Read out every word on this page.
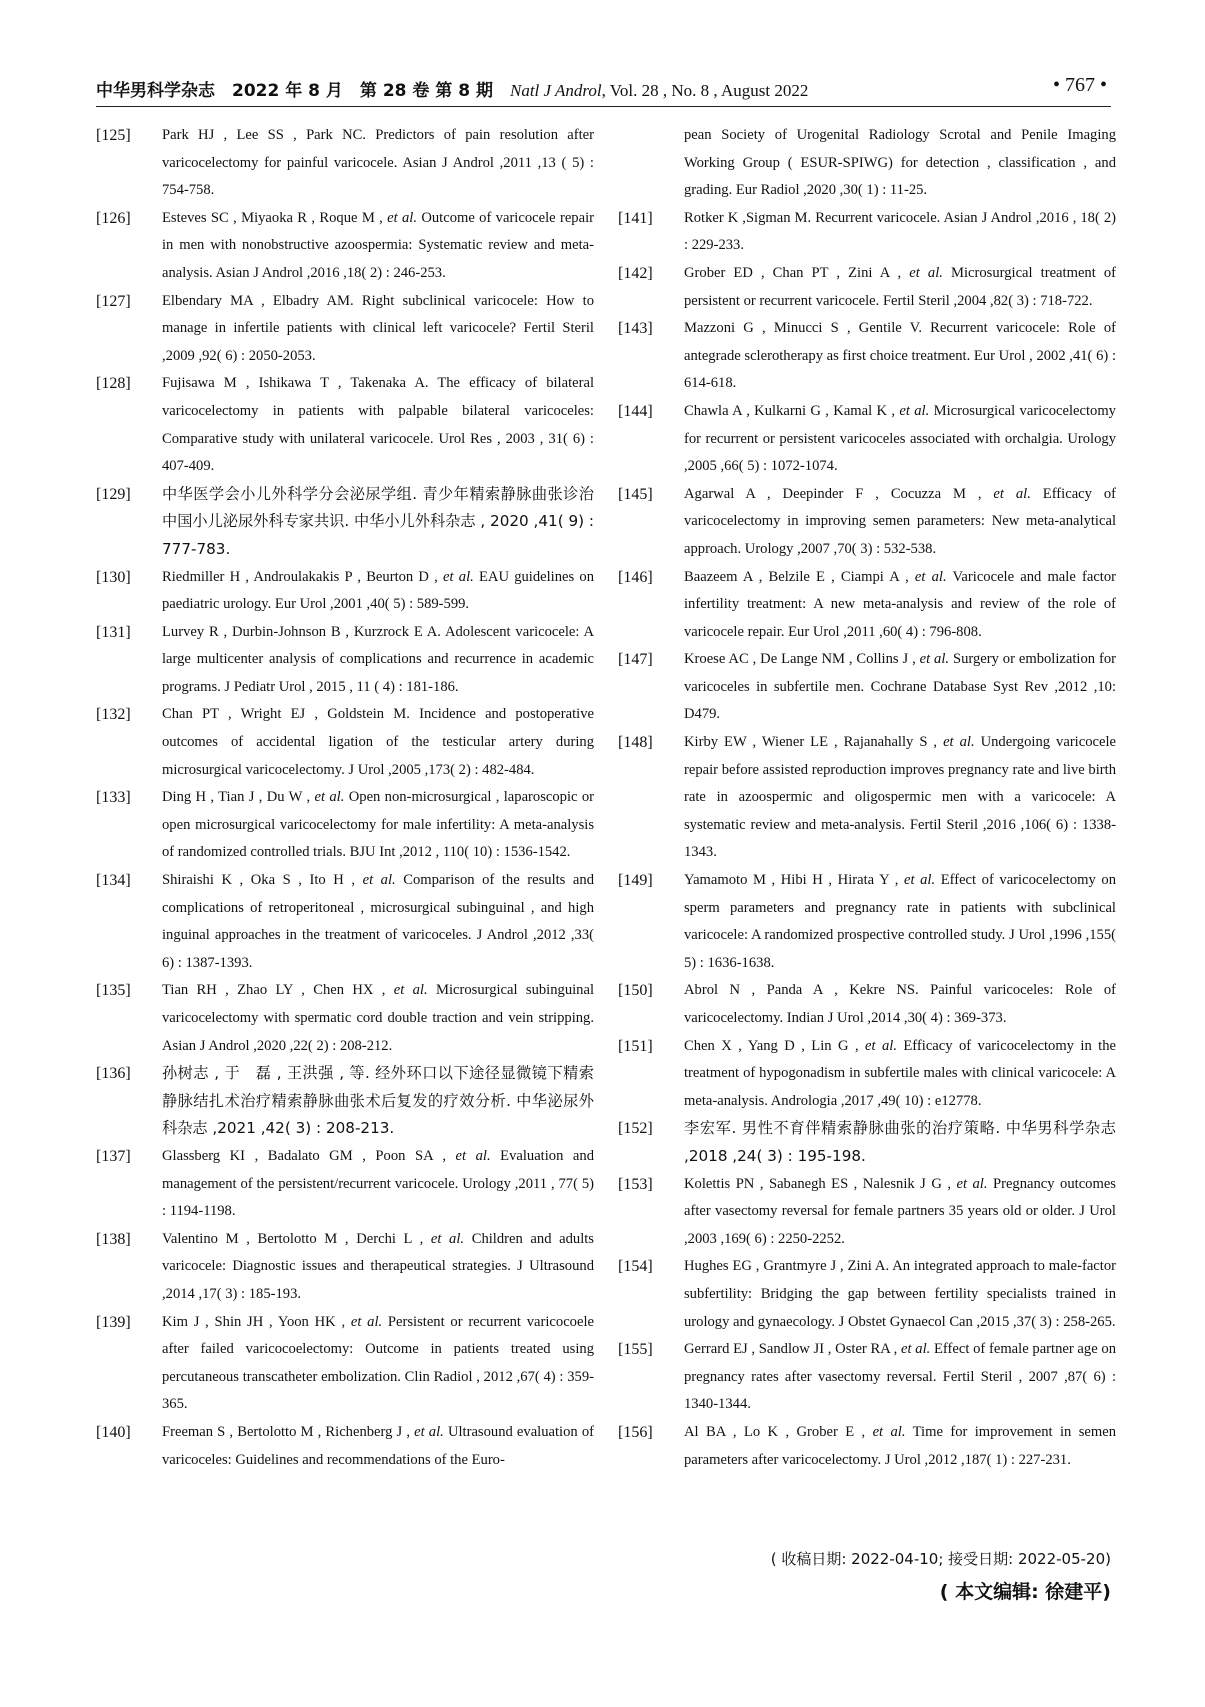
中华男科学杂志　 2022 年 8 月　第 28 卷 第 8 期　 Natl J Androl, Vol. 28 , No. 8 , August 2022	• 767 •
[125] Park HJ , Lee SS , Park NC. Predictors of pain resolution after varicocelectomy for painful varicocele. Asian J Androl ,2011 ,13 ( 5) : 754-758.
[126] Esteves SC , Miyaoka R , Roque M , et al. Outcome of varicocele repair in men with nonobstructive azoospermia: Systematic review and meta-analysis. Asian J Androl ,2016 ,18( 2) : 246-253.
[127] Elbendary MA , Elbadry AM. Right subclinical varicocele: How to manage in infertile patients with clinical left varicocele? Fertil Steril ,2009 ,92( 6) : 2050-2053.
[128] Fujisawa M , Ishikawa T , Takenaka A. The efficacy of bilateral varicocelectomy in patients with palpable bilateral varicoceles: Comparative study with unilateral varicocele. Urol Res , 2003 , 31( 6) : 407-409.
[129] 中华医学会小儿外科学分会泌尿学组. 青少年精索静脉曲张诊治中国小儿泌尿外科专家共识. 中华小儿外科杂志 , 2020 ,41( 9) : 777-783.
[130] Riedmiller H , Androulakakis P , Beurton D , et al. EAU guidelines on paediatric urology. Eur Urol ,2001 ,40( 5) : 589-599.
[131] Lurvey R , Durbin-Johnson B , Kurzrock E A. Adolescent varicocele: A large multicenter analysis of complications and recurrence in academic programs. J Pediatr Urol , 2015 , 11 ( 4) : 181-186.
[132] Chan PT , Wright EJ , Goldstein M. Incidence and postoperative outcomes of accidental ligation of the testicular artery during microsurgical varicocelectomy. J Urol ,2005 ,173( 2) : 482-484.
[133] Ding H , Tian J , Du W , et al. Open non-microsurgical , laparoscopic or open microsurgical varicocelectomy for male infertility: A meta-analysis of randomized controlled trials. BJU Int ,2012 , 110( 10) : 1536-1542.
[134] Shiraishi K , Oka S , Ito H , et al. Comparison of the results and complications of retroperitoneal , microsurgical subinguinal , and high inguinal approaches in the treatment of varicoceles. J Androl ,2012 ,33( 6) : 1387-1393.
[135] Tian RH , Zhao LY , Chen HX , et al. Microsurgical subinguinal varicocelectomy with spermatic cord double traction and vein stripping. Asian J Androl ,2020 ,22( 2) : 208-212.
[136] 孙树志 , 于　磊 , 王洪强 , 等. 经外环口以下途径显微镜下精索静脉结扎术治疗精索静脉曲张术后复发的疗效分析. 中华泌尿外科杂志 ,2021 ,42( 3) : 208-213.
[137] Glassberg KI , Badalato GM , Poon SA , et al. Evaluation and management of the persistent/recurrent varicocele. Urology ,2011 , 77( 5) : 1194-1198.
[138] Valentino M , Bertolotto M , Derchi L , et al. Children and adults varicocele: Diagnostic issues and therapeutical strategies. J Ultrasound ,2014 ,17( 3) : 185-193.
[139] Kim J , Shin JH , Yoon HK , et al. Persistent or recurrent varicocoele after failed varicocoelectomy: Outcome in patients treated using percutaneous transcatheter embolization. Clin Radiol , 2012 ,67( 4) : 359-365.
[140] Freeman S , Bertolotto M , Richenberg J , et al. Ultrasound evaluation of varicoceles: Guidelines and recommendations of the Euro-
pean Society of Urogenital Radiology Scrotal and Penile Imaging Working Group ( ESUR-SPIWG) for detection , classification , and grading. Eur Radiol ,2020 ,30( 1) : 11-25.
[141] Rotker K ,Sigman M. Recurrent varicocele. Asian J Androl ,2016 , 18( 2) : 229-233.
[142] Grober ED , Chan PT , Zini A , et al. Microsurgical treatment of persistent or recurrent varicocele. Fertil Steril ,2004 ,82( 3) : 718-722.
[143] Mazzoni G , Minucci S , Gentile V. Recurrent varicocele: Role of antegrade sclerotherapy as first choice treatment. Eur Urol , 2002 ,41( 6) : 614-618.
[144] Chawla A , Kulkarni G , Kamal K , et al. Microsurgical varicocelectomy for recurrent or persistent varicoceles associated with orchalgia. Urology ,2005 ,66( 5) : 1072-1074.
[145] Agarwal A , Deepinder F , Cocuzza M , et al. Efficacy of varicocelectomy in improving semen parameters: New meta-analytical approach. Urology ,2007 ,70( 3) : 532-538.
[146] Baazeem A , Belzile E , Ciampi A , et al. Varicocele and male factor infertility treatment: A new meta-analysis and review of the role of varicocele repair. Eur Urol ,2011 ,60( 4) : 796-808.
[147] Kroese AC , De Lange NM , Collins J , et al. Surgery or embolization for varicoceles in subfertile men. Cochrane Database Syst Rev ,2012 ,10: D479.
[148] Kirby EW , Wiener LE , Rajanahally S , et al. Undergoing varicocele repair before assisted reproduction improves pregnancy rate and live birth rate in azoospermic and oligospermic men with a varicocele: A systematic review and meta-analysis. Fertil Steril ,2016 ,106( 6) : 1338-1343.
[149] Yamamoto M , Hibi H , Hirata Y , et al. Effect of varicocelectomy on sperm parameters and pregnancy rate in patients with subclinical varicocele: A randomized prospective controlled study. J Urol ,1996 ,155( 5) : 1636-1638.
[150] Abrol N , Panda A , Kekre NS. Painful varicoceles: Role of varicocelectomy. Indian J Urol ,2014 ,30( 4) : 369-373.
[151] Chen X , Yang D , Lin G , et al. Efficacy of varicocelectomy in the treatment of hypogonadism in subfertile males with clinical varicocele: A meta-analysis. Andrologia ,2017 ,49( 10) : e12778.
[152] 李宏军. 男性不育伴精索静脉曲张的治疗策略. 中华男科学杂志 ,2018 ,24( 3) : 195-198.
[153] Kolettis PN , Sabanegh ES , Nalesnik J G , et al. Pregnancy outcomes after vasectomy reversal for female partners 35 years old or older. J Urol ,2003 ,169( 6) : 2250-2252.
[154] Hughes EG , Grantmyre J , Zini A. An integrated approach to male-factor subfertility: Bridging the gap between fertility specialists trained in urology and gynaecology. J Obstet Gynaecol Can ,2015 ,37( 3) : 258-265.
[155] Gerrard EJ , Sandlow JI , Oster RA , et al. Effect of female partner age on pregnancy rates after vasectomy reversal. Fertil Steril , 2007 ,87( 6) : 1340-1344.
[156] Al BA , Lo K , Grober E , et al. Time for improvement in semen parameters after varicocelectomy. J Urol ,2012 ,187( 1) : 227-231.
( 收稿日期: 2022-04-10; 接受日期: 2022-05-20)
( 本文编辑: 徐建平)
